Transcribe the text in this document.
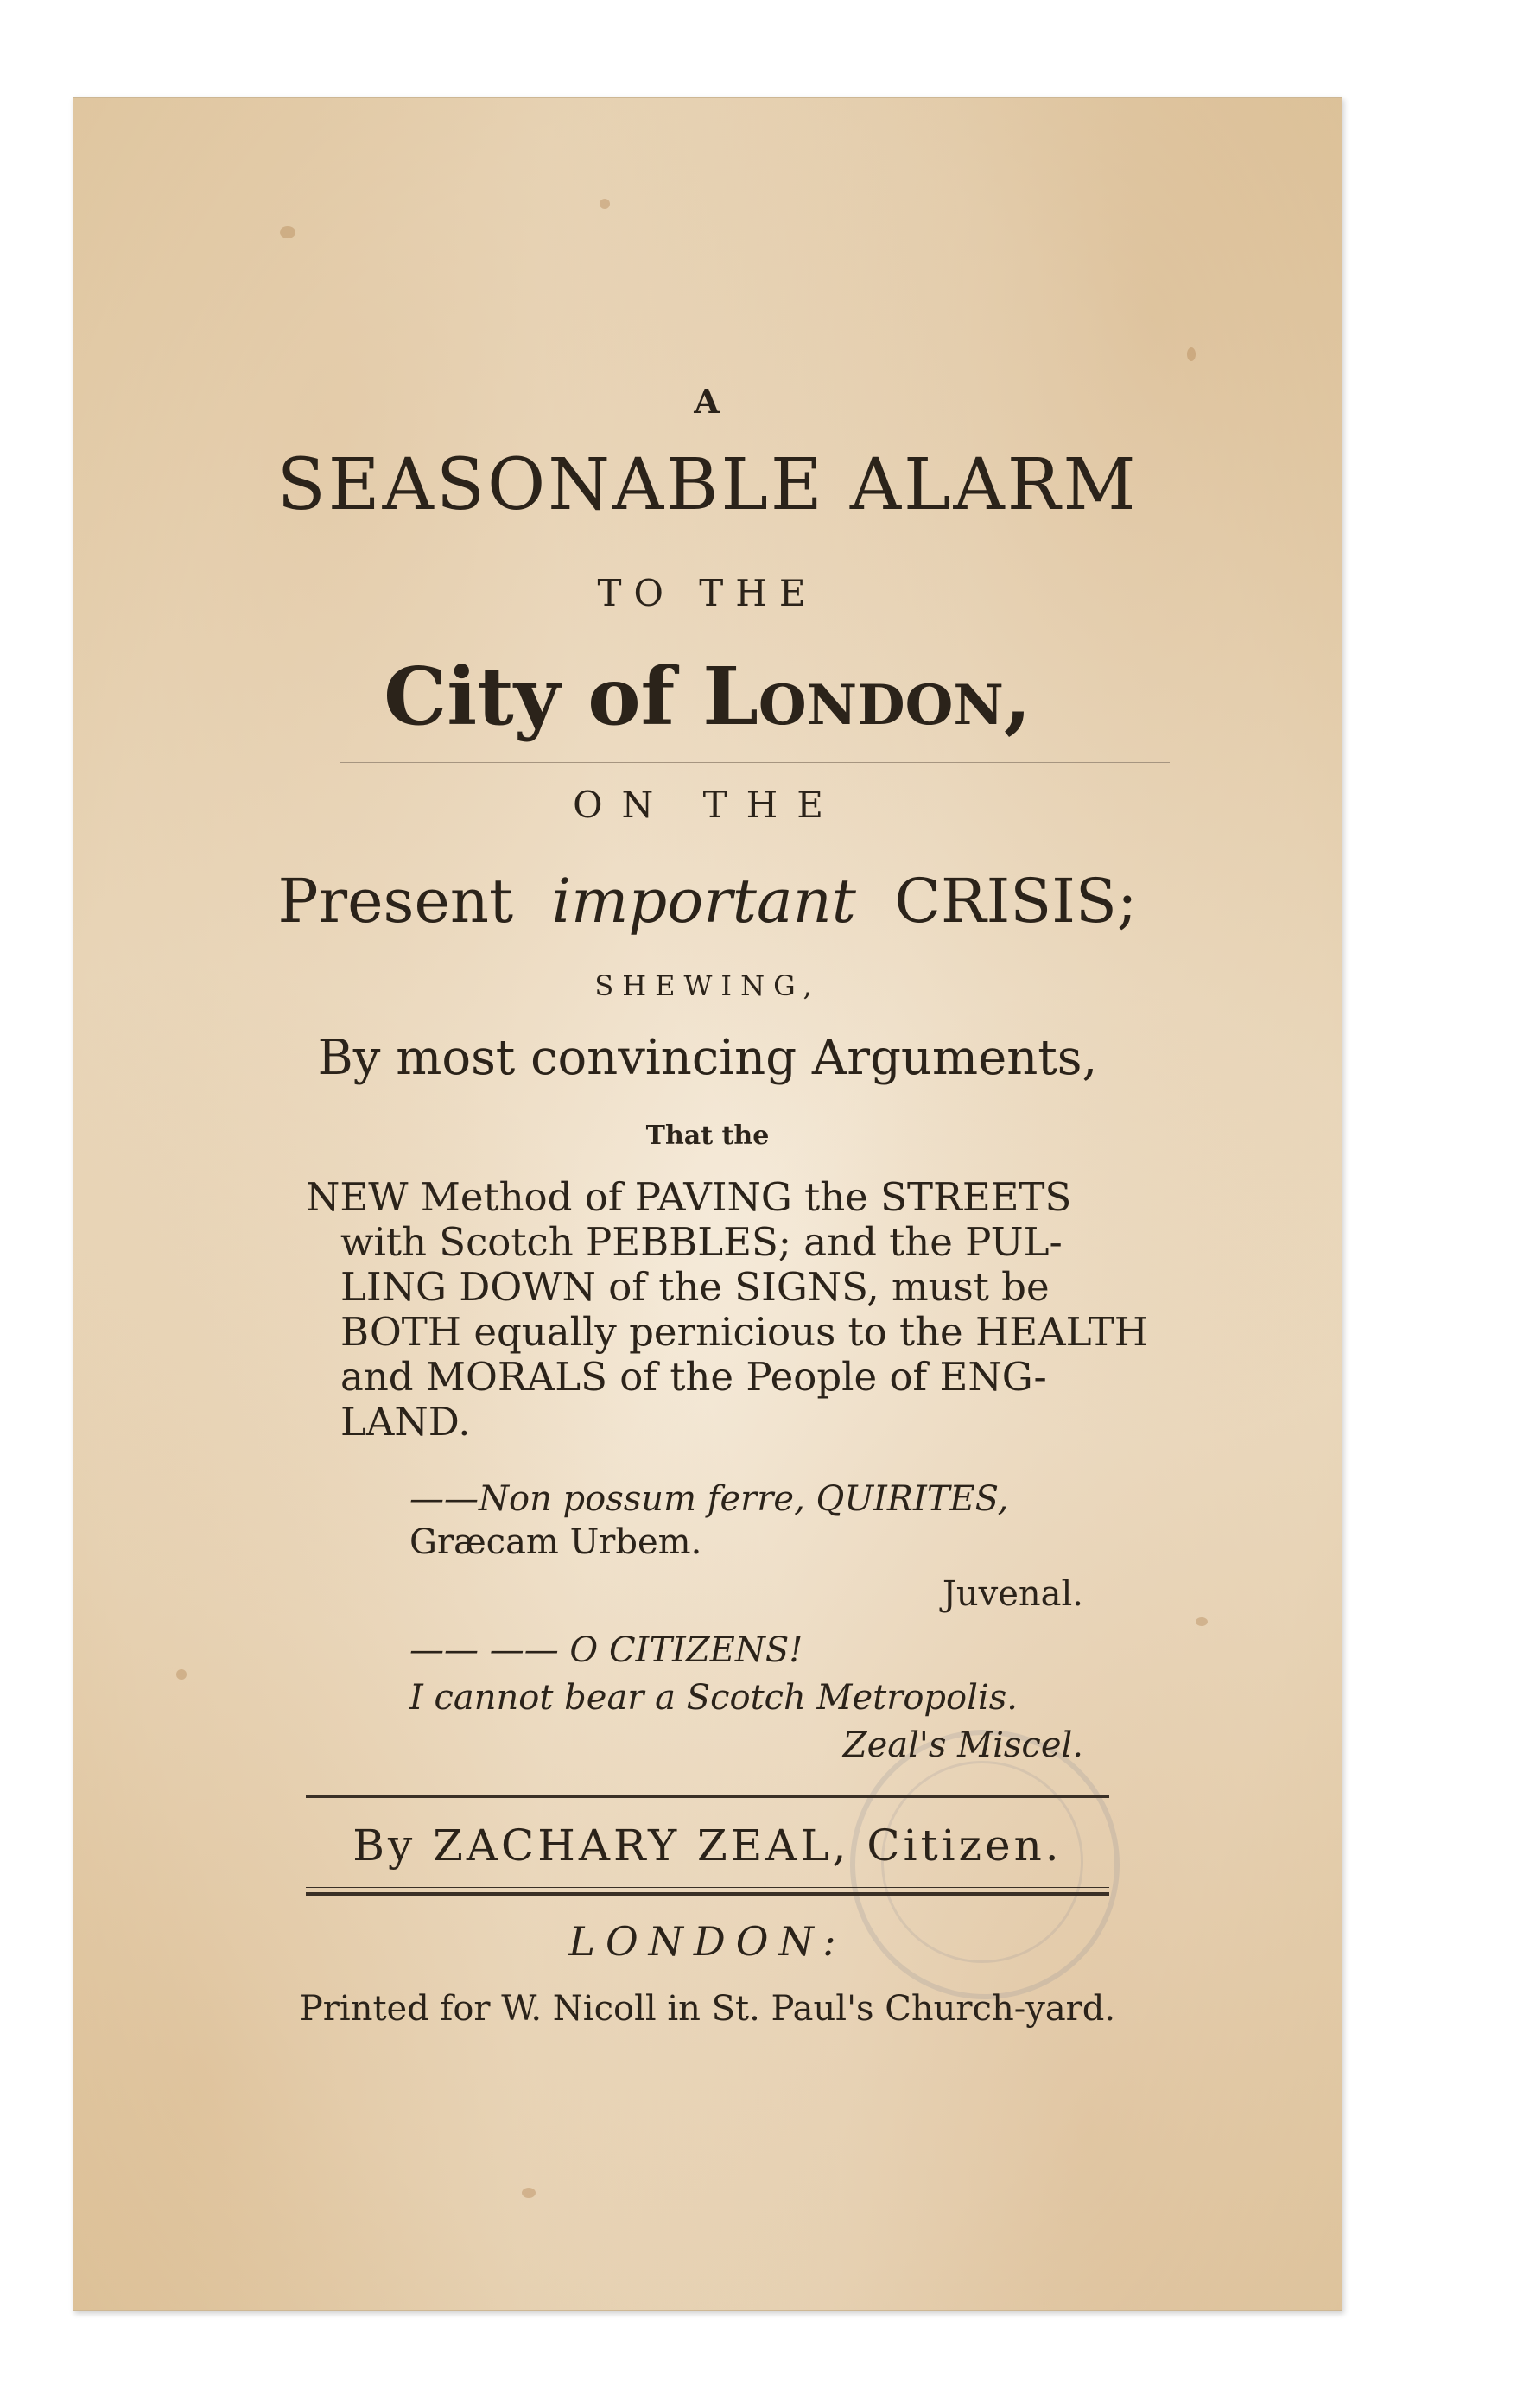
A
SEASONABLE ALARM
TO THE
City of London,
ON THE
Present important CRISIS;
SHEWING,
By most convincing Arguments,
That the
NEW Method of PAVING the STREETS
with Scotch PEBBLES; and the PUL-
LING DOWN of the SIGNS, must be
BOTH equally pernicious to the HEALTH
and MORALS of the People of ENG-
LAND.
——Non possum ferre, QUIRITES,
Græcam Urbem.
Juvenal.
—— —— O CITIZENS!
I cannot bear a Scotch Metropolis.
Zeal's Miscel.
By ZACHARY ZEAL, Citizen.
LONDON:
Printed for W. Nicoll in St. Paul's Church-yard.
